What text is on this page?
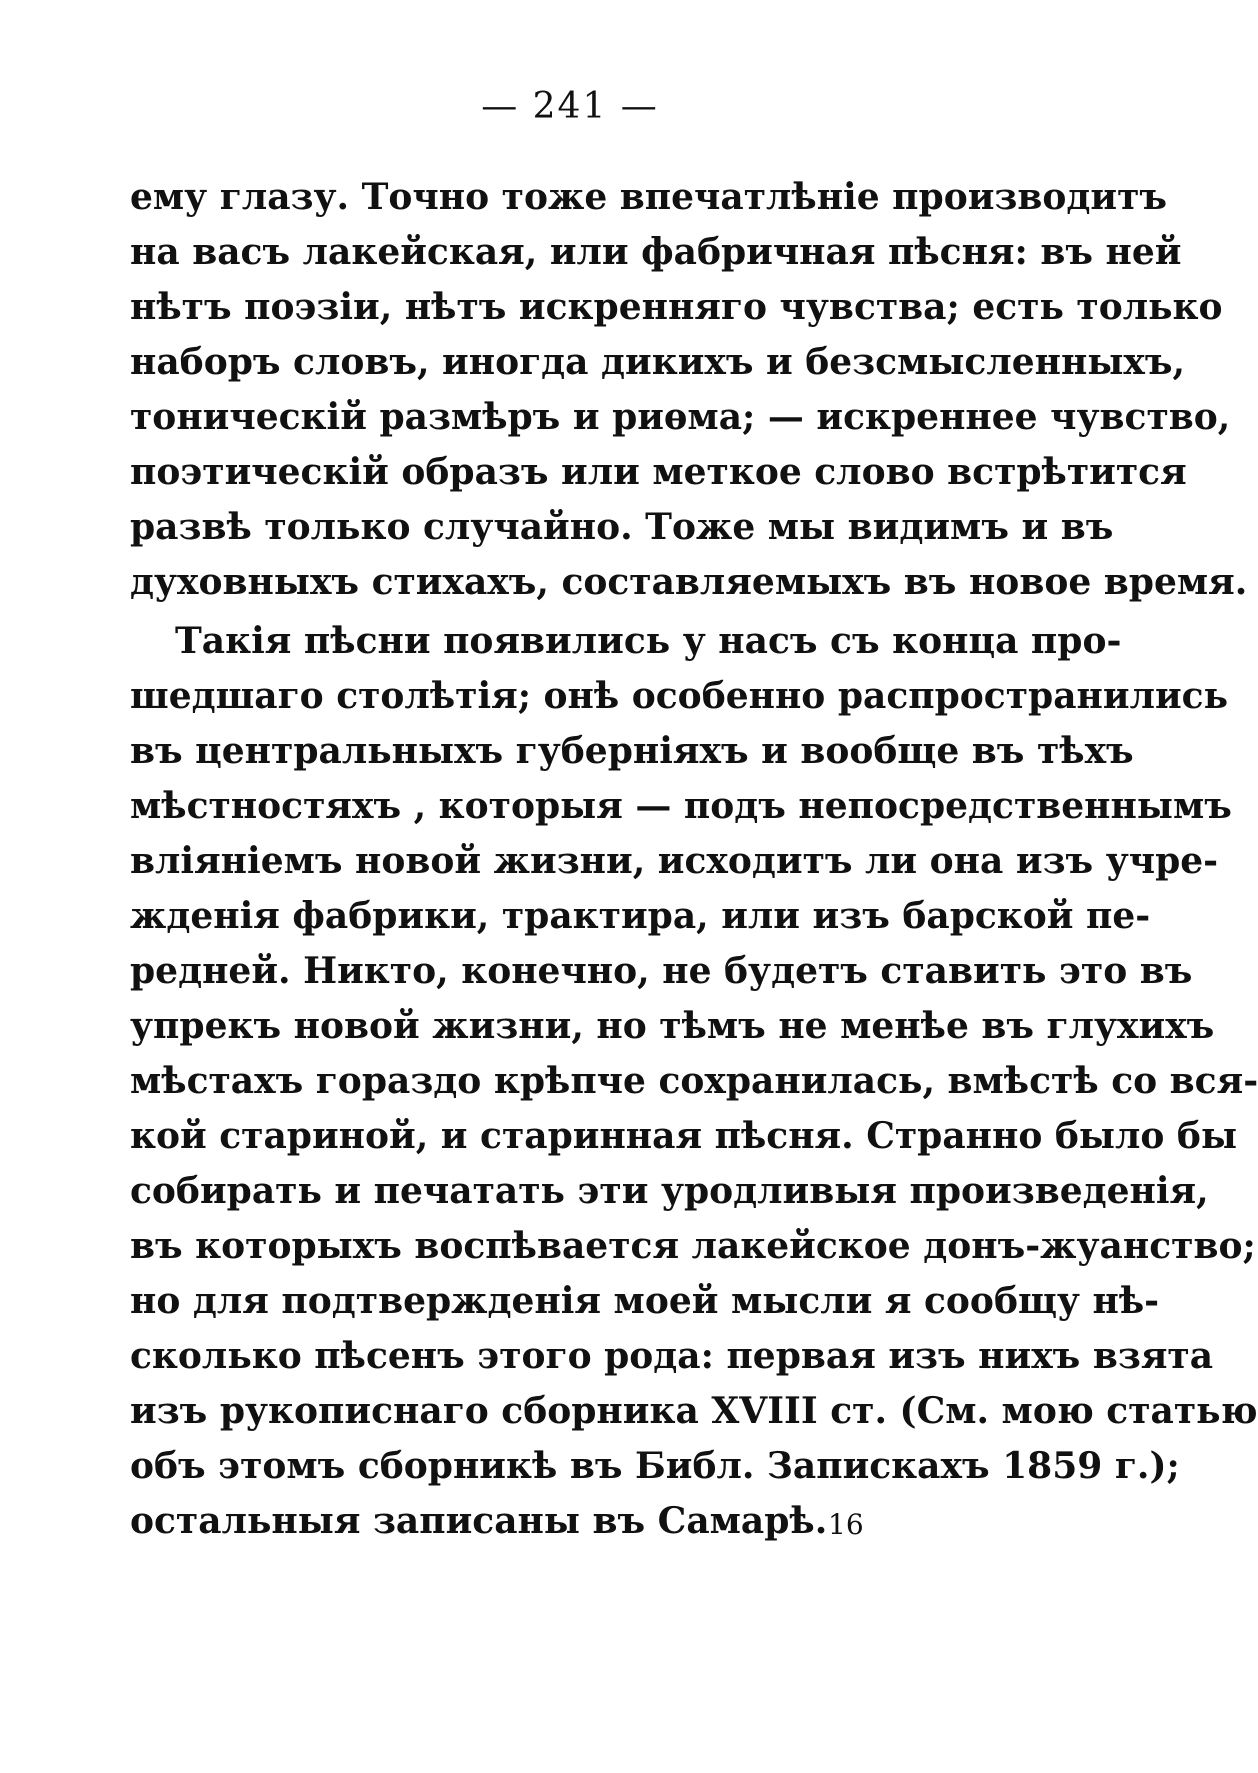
— 241 —
ему глазу. Точно тоже впечатлѣніе производитъ
на васъ лакейская, или фабричная пѣсня: въ ней
нѣтъ поэзіи, нѣтъ искренняго чувства; есть только
наборъ словъ, иногда дикихъ и безсмысленныхъ,
тоническій размѣръ и риѳма; — искреннее чувство,
поэтическій образъ или меткое слово встрѣтится
развѣ только случайно. Тоже мы видимъ и въ
духовныхъ стихахъ, составляемыхъ въ новое время.
Такія пѣсни появились у насъ съ конца про-
шедшаго столѣтія; онѣ особенно распространились
въ центральныхъ губерніяхъ и вообще въ тѣхъ
мѣстностяхъ , которыя — подъ непосредственнымъ
вліяніемъ новой жизни, исходитъ ли она изъ учре-
жденія фабрики, трактира, или изъ барской пе-
редней. Никто, конечно, не будетъ ставить это въ
упрекъ новой жизни, но тѣмъ не менѣе въ глухихъ
мѣстахъ гораздо крѣпче сохранилась, вмѣстѣ со вся-
кой стариной, и старинная пѣсня. Странно было бы
собирать и печатать эти уродливыя произведенія,
въ которыхъ воспѣвается лакейское донъ-жуанство;
но для подтвержденія моей мысли я сообщу нѣ-
сколько пѣсенъ этого рода: первая изъ нихъ взята
изъ рукописнаго сборника XVIII ст. (См. мою статью
объ этомъ сборникѣ въ Библ. Запискахъ 1859 г.);
остальныя записаны въ Самарѣ. 16
